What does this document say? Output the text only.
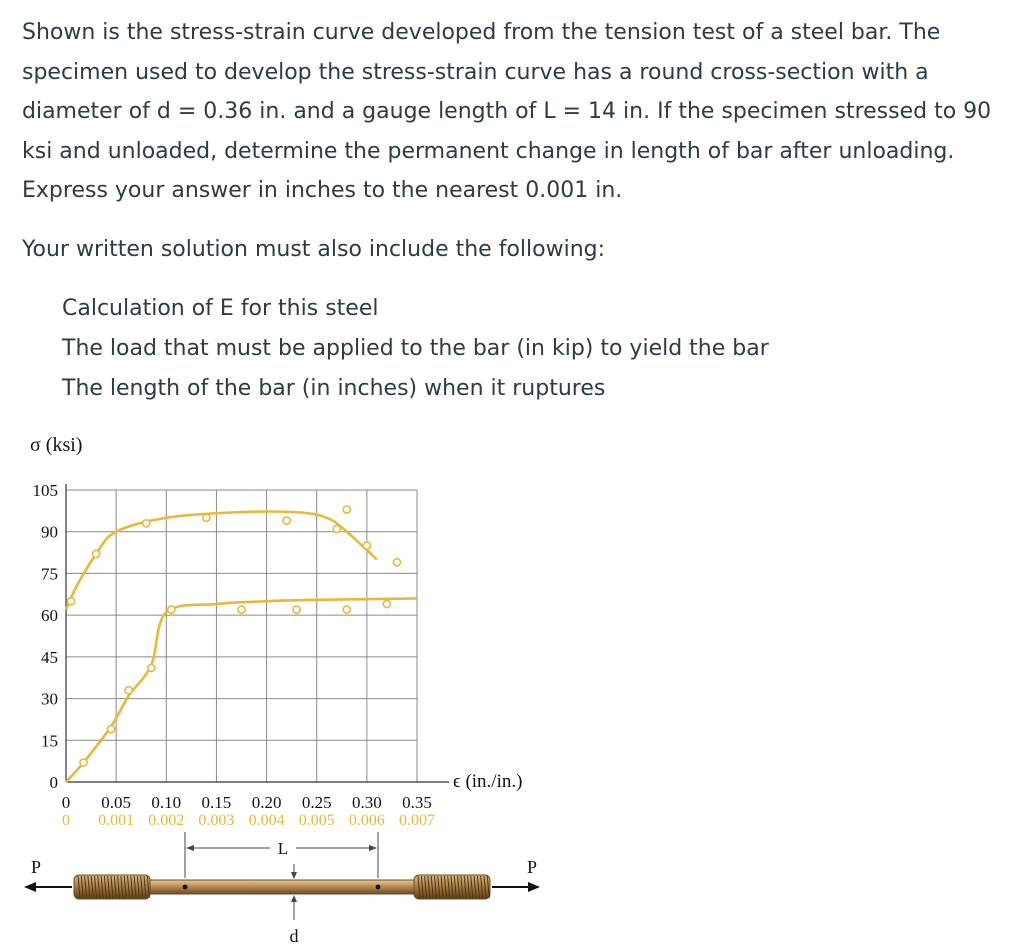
Shown is the stress-strain curve developed from the tension test of a steel bar. The

specimen used to develop the stress-strain curve has a round cross-section with a

diameter of d = 0.36 in. and a gauge length of L = 14 in. If the specimen stressed to 90

ksi and unloaded, determine the permanent change in length of bar after unloading.

Express your answer in inches to the nearest 0.001 in.

Your written solution must also include the following:

Calculation of E for this steel
The load that must be applied to the bar (in kip) to yield the bar
The length of the bar (in inches) when it ruptures
0
15
30
45
60
75
90
105
0 0.05 0.10 0.15 0.20 0.25 0.30 0.35
0 0.001 0.002 0.003 0.004 0.005 0.006 0.007
σ (ksi)
ϵ (in./in.)
P	P
L
d
